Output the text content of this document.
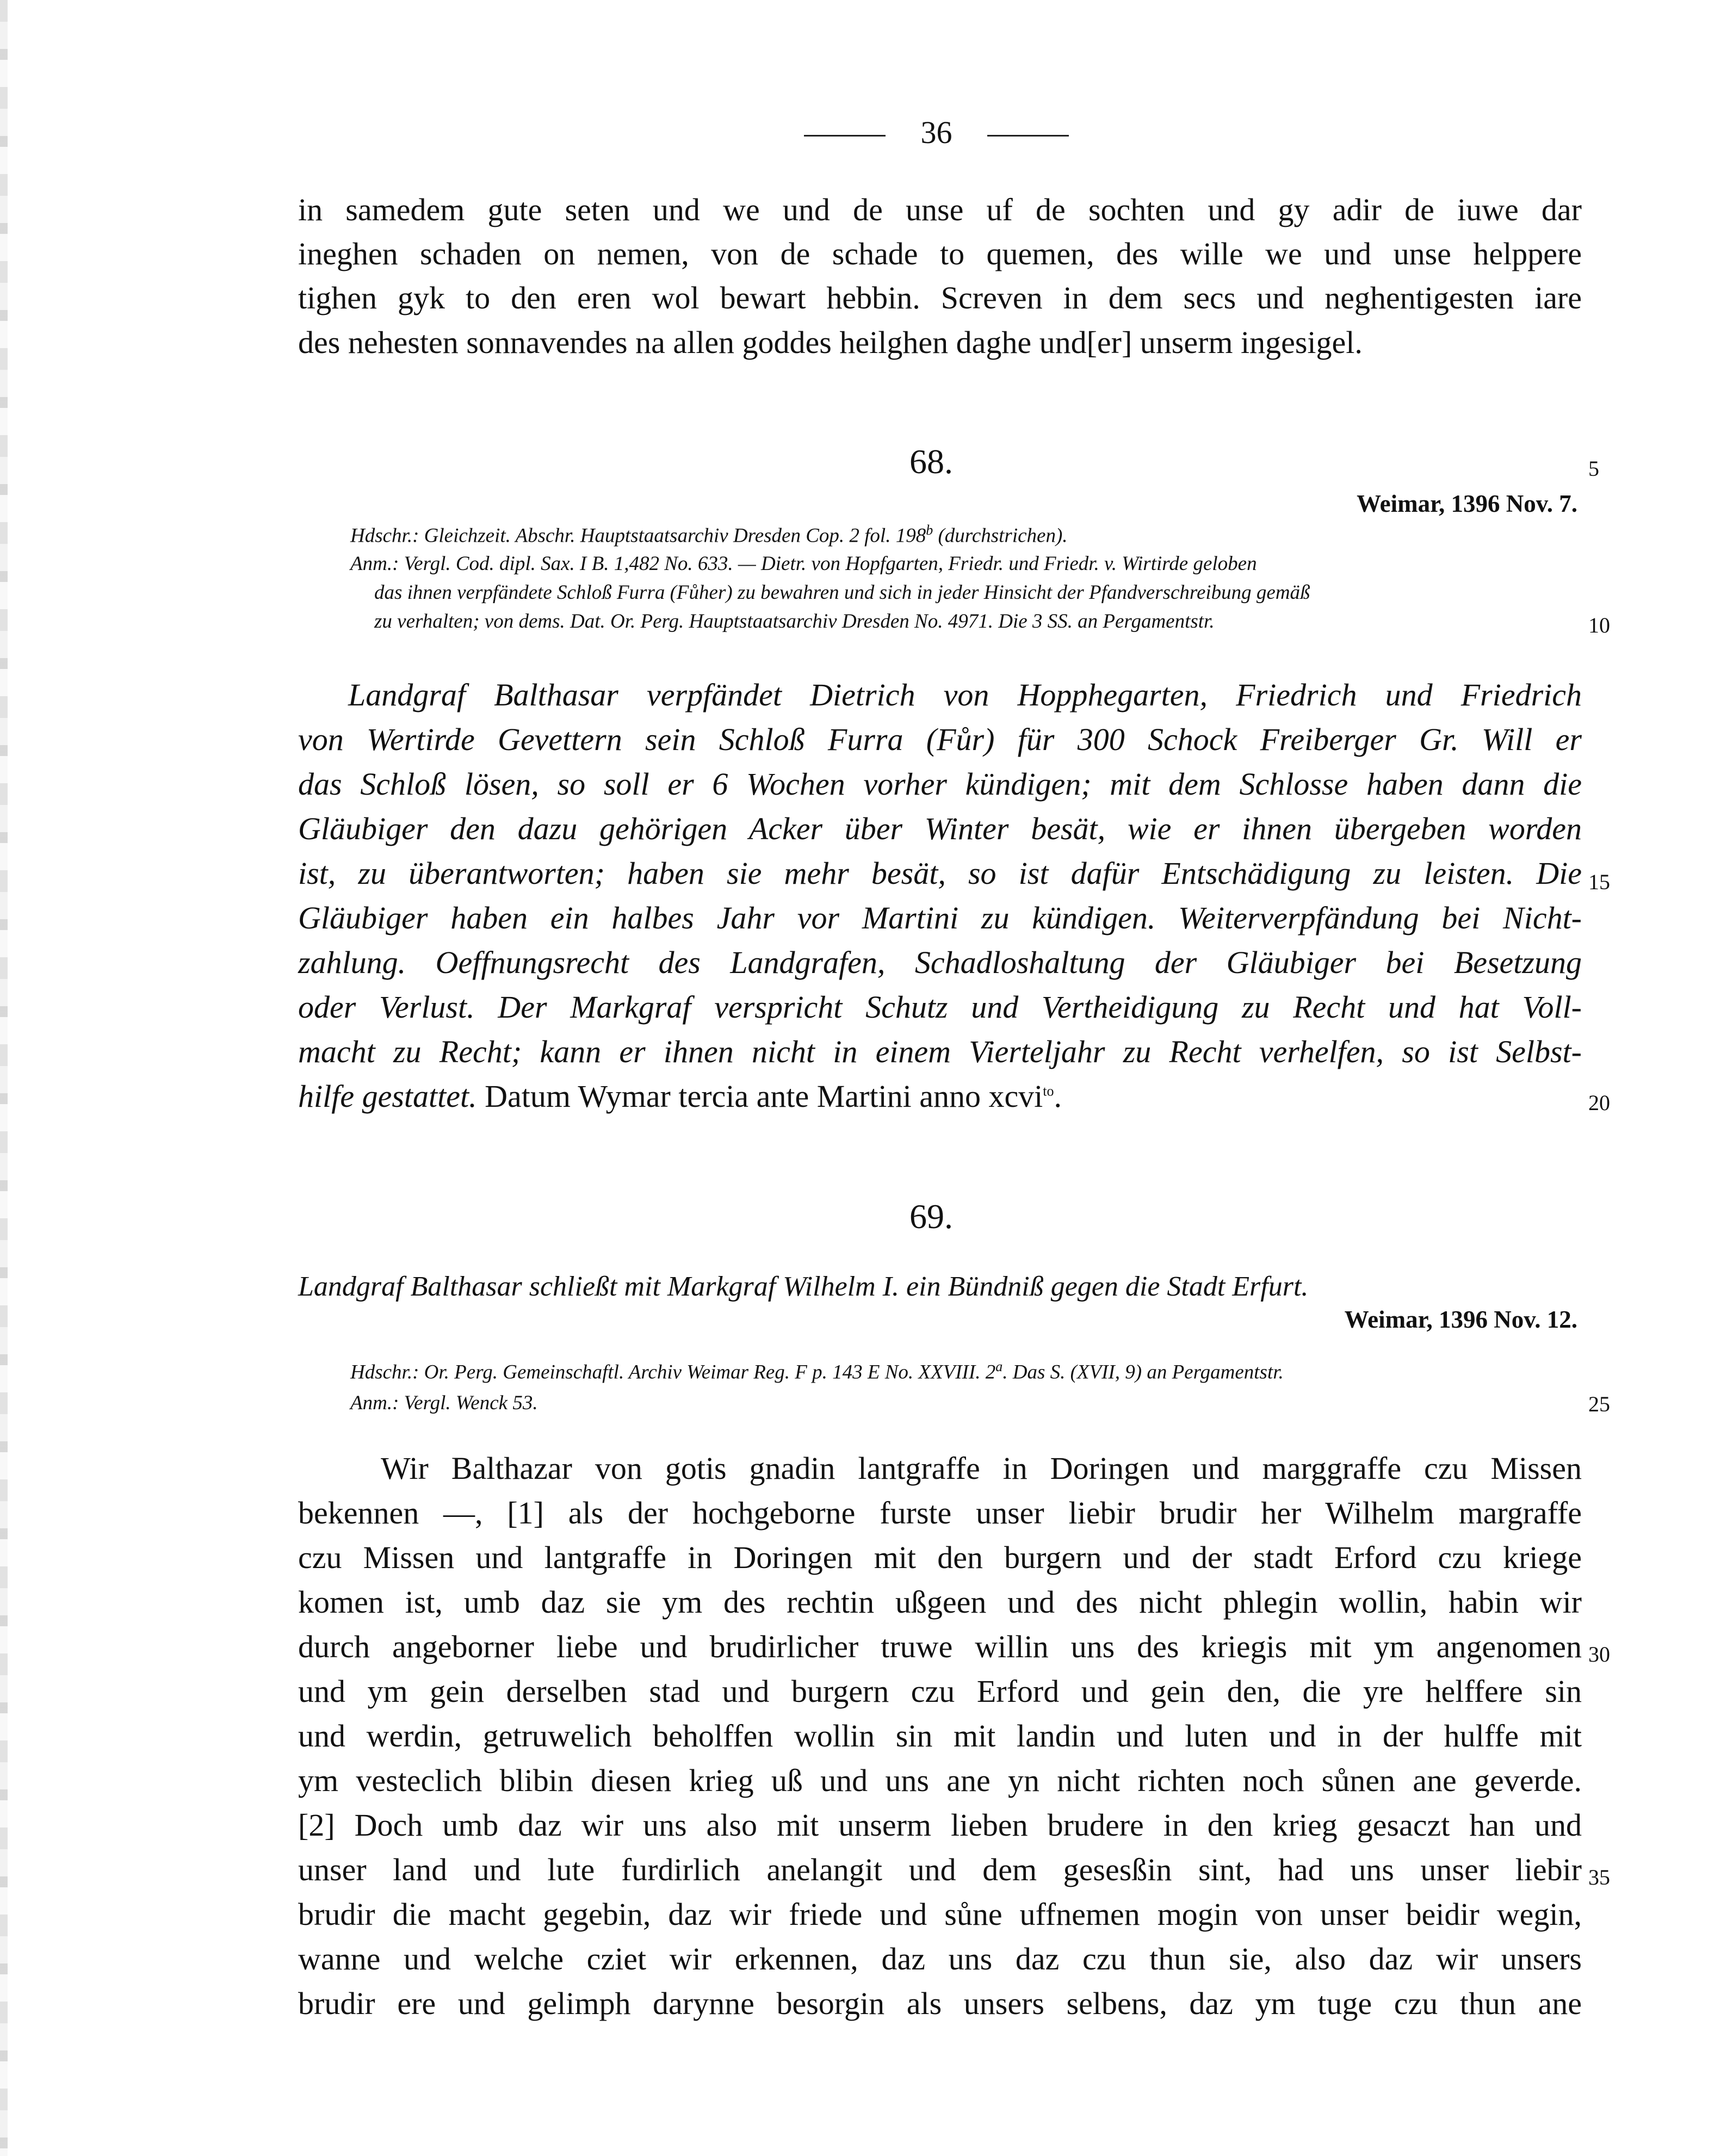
36
in samedem gute seten und we und de unse uf de sochten und gy adir de iuwe dar
ineghen schaden on nemen, von de schade to quemen, des wille we und unse helppere
tighen gyk to den eren wol bewart hebbin. Screven in dem secs und neghentigesten iare
des nehesten sonnavendes na allen goddes heilghen daghe und[er] unserm ingesigel.
68.	5
Weimar, 1396 Nov. 7.
Hdschr.: Gleichzeit. Abschr. Hauptstaatsarchiv Dresden Cop. 2 fol. 198$^b$ (durchstrichen).
Anm.: Vergl. Cod. dipl. Sax. I B. 1,482 No. 633. — Dietr. von Hopfgarten, Friedr. und Friedr. v. Wirtirde geloben
das ihnen verpfändete Schloß Furra (Fůher) zu bewahren und sich in jeder Hinsicht der Pfandverschreibung gemäß
zu verhalten; von dems. Dat. Or. Perg. Hauptstaatsarchiv Dresden No. 4971. Die 3 SS. an Pergamentstr.	10
Landgraf Balthasar verpfändet Dietrich von Hopphegarten, Friedrich und Friedrich
von Wertirde Gevettern sein Schloß Furra (Fůr) für 300 Schock Freiberger Gr. Will er
das Schloß lösen, so soll er 6 Wochen vorher kündigen; mit dem Schlosse haben dann die
Gläubiger den dazu gehörigen Acker über Winter besät, wie er ihnen übergeben worden
ist, zu überantworten; haben sie mehr besät, so ist dafür Entschädigung zu leisten. Die 15
Gläubiger haben ein halbes Jahr vor Martini zu kündigen. Weiterverpfändung bei Nicht-
zahlung. Oeffnungsrecht des Landgrafen, Schadloshaltung der Gläubiger bei Besetzung
oder Verlust. Der Markgraf verspricht Schutz und Vertheidigung zu Recht und hat Voll-
macht zu Recht; kann er ihnen nicht in einem Vierteljahr zu Recht verhelfen, so ist Selbst-
hilfe gestattet. Datum Wymar tercia ante Martini anno xcvi$^{to}$.	20
69.
Landgraf Balthasar schließt mit Markgraf Wilhelm I. ein Bündniß gegen die Stadt Erfurt.
Weimar, 1396 Nov. 12.
Hdschr.: Or. Perg. Gemeinschaftl. Archiv Weimar Reg. F p. 143 E No. XXVIII. 2$^a$. Das S. (XVII, 9) an Pergamentstr.
Anm.: Vergl. Wenck 53.	25
Wir Balthazar von gotis gnadin lantgraffe in Doringen und marggraffe czu Missen
bekennen —, [1] als der hochgeborne furste unser liebir brudir her Wilhelm margraffe
czu Missen und lantgraffe in Doringen mit den burgern und der stadt Erford czu kriege
komen ist, umb daz sie ym des rechtin ußgeen und des nicht phlegin wollin, habin wir
durch angeborner liebe und brudirlicher truwe willin uns des kriegis mit ym angenomen 30
und ym gein derselben stad und burgern czu Erford und gein den, die yre helffere sin
und werdin, getruwelich beholffen wollin sin mit landin und luten und in der hulffe mit
ym vesteclich blibin diesen krieg uß und uns ane yn nicht richten noch sůnen ane geverde.
[2] Doch umb daz wir uns also mit unserm lieben brudere in den krieg gesaczt han und
unser land und lute furdirlich anelangit und dem gesesßin sint, had uns unser liebir 35
brudir die macht gegebin, daz wir friede und sůne uffnemen mogin von unser beidir wegin,
wanne und welche cziet wir erkennen, daz uns daz czu thun sie, also daz wir unsers
brudir ere und gelimph darynne besorgin als unsers selbens, daz ym tuge czu thun ane
